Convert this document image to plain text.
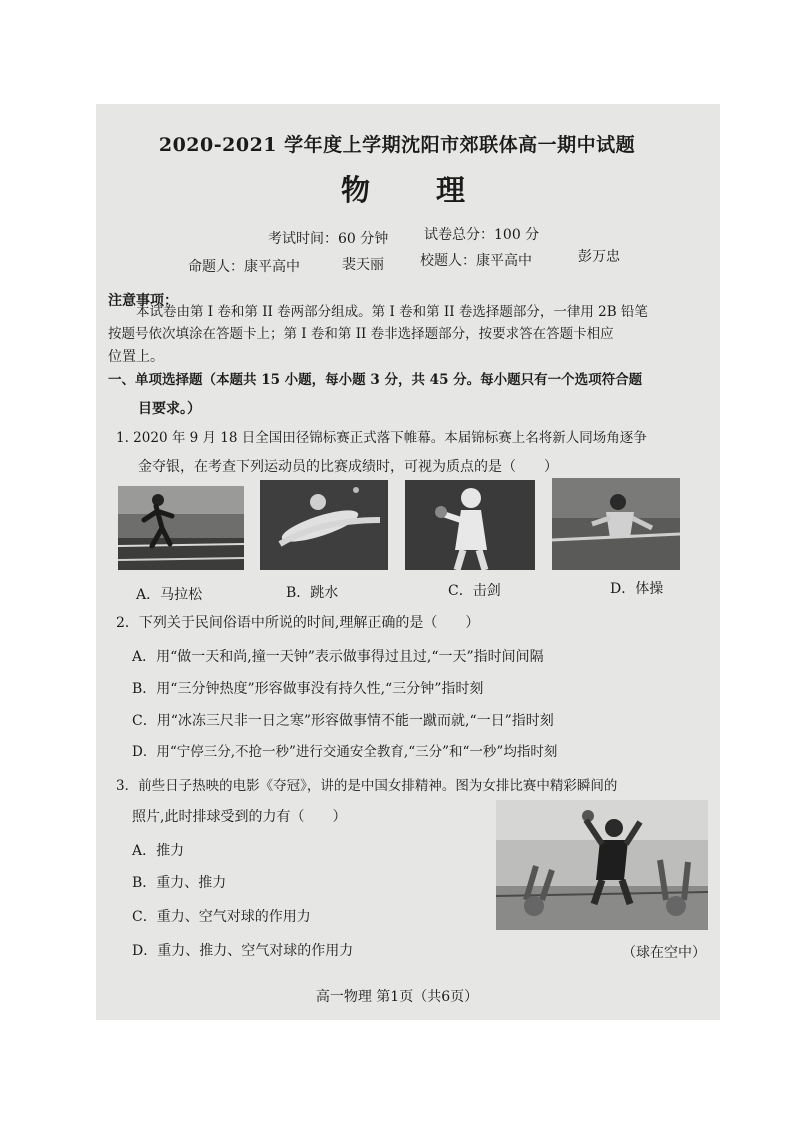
2020-2021 学年度上学期沈阳市郊联体高一期中试题
物 理
考试时间：60 分钟	试卷总分：100 分
命题人：康平高中	裴天丽	校题人：康平高中	彭万忠
注意事项：
本试卷由第 I 卷和第 II 卷两部分组成。第 I 卷和第 II 卷选择题部分，一律用 2B 铅笔
按题号依次填涂在答题卡上；第 I 卷和第 II 卷非选择题部分，按要求答在答题卡相应
位置上。
一、单项选择题（本题共 15 小题，每小题 3 分，共 45 分。每小题只有一个选项符合题
目要求。）
1. 2020 年 9 月 18 日全国田径锦标赛正式落下帷幕。本届锦标赛上名将新人同场角逐争
金夺银，在考查下列运动员的比赛成绩时，可视为质点的是（　　）
A．马拉松	B．跳水	C．击剑	D．体操
2．下列关于民间俗语中所说的时间,理解正确的是（　　）
A．用“做一天和尚,撞一天钟”表示做事得过且过,“一天”指时间间隔
B．用“三分钟热度”形容做事没有持久性,“三分钟”指时刻
C．用“冰冻三尺非一日之寒”形容做事情不能一蹴而就,“一日”指时刻
D．用“宁停三分,不抢一秒”进行交通安全教育,“三分”和“一秒”均指时刻
3．前些日子热映的电影《夺冠》，讲的是中国女排精神。图为女排比赛中精彩瞬间的
照片,此时排球受到的力有（　　）
A．推力
B．重力、推力
C．重力、空气对球的作用力
D．重力、推力、空气对球的作用力	（球在空中）
高一物理 第1页（共6页）
